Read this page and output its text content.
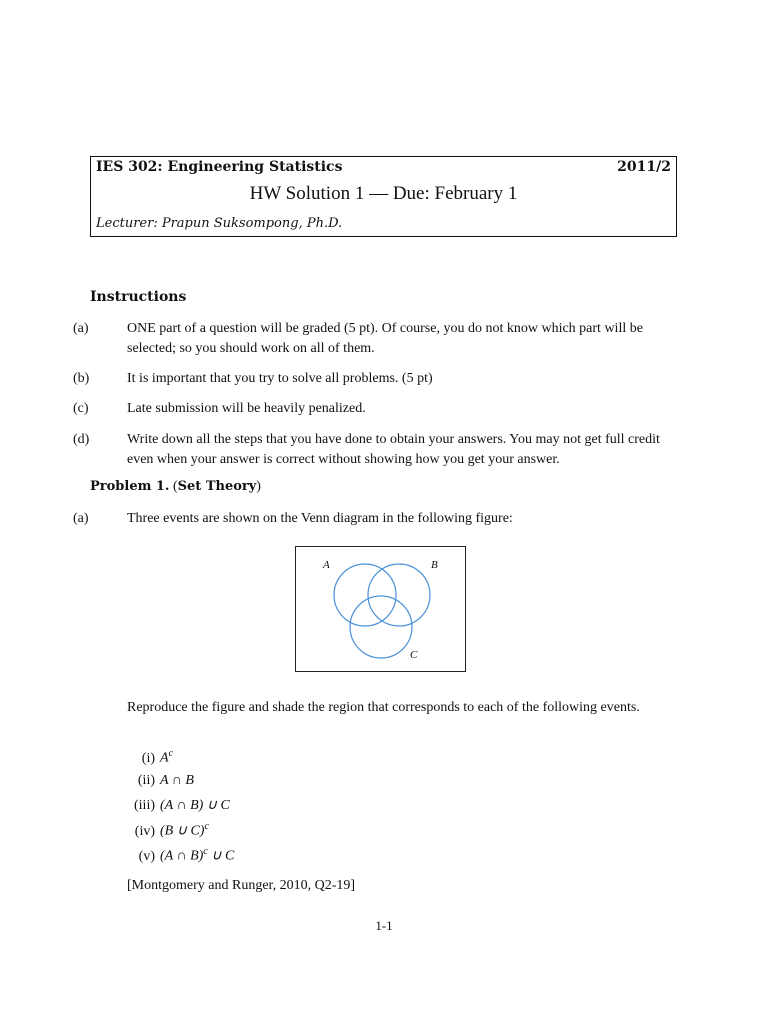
IES 302: Engineering Statistics	2011/2
HW Solution 1 — Due: February 1
Lecturer: Prapun Suksompong, Ph.D.
Instructions
(a)	ONE part of a question will be graded (5 pt). Of course, you do not know which part will be selected; so you should work on all of them.
(b)	It is important that you try to solve all problems. (5 pt)
(c)	Late submission will be heavily penalized.
(d)	Write down all the steps that you have done to obtain your answers. You may not get full credit even when your answer is correct without showing how you get your answer.
Problem 1. (Set Theory)
(a)	Three events are shown on the Venn diagram in the following figure:
A	B
C
Reproduce the figure and shade the region that corresponds to each of the following events.
(i) $A^c$
(ii) A ∩ B
(iii) (A ∩ B) ∪ C
(iv) (B ∪ C)$^c$
(v) (A ∩ B)$^c$ ∪ C
[Montgomery and Runger, 2010, Q2-19]
1-1
